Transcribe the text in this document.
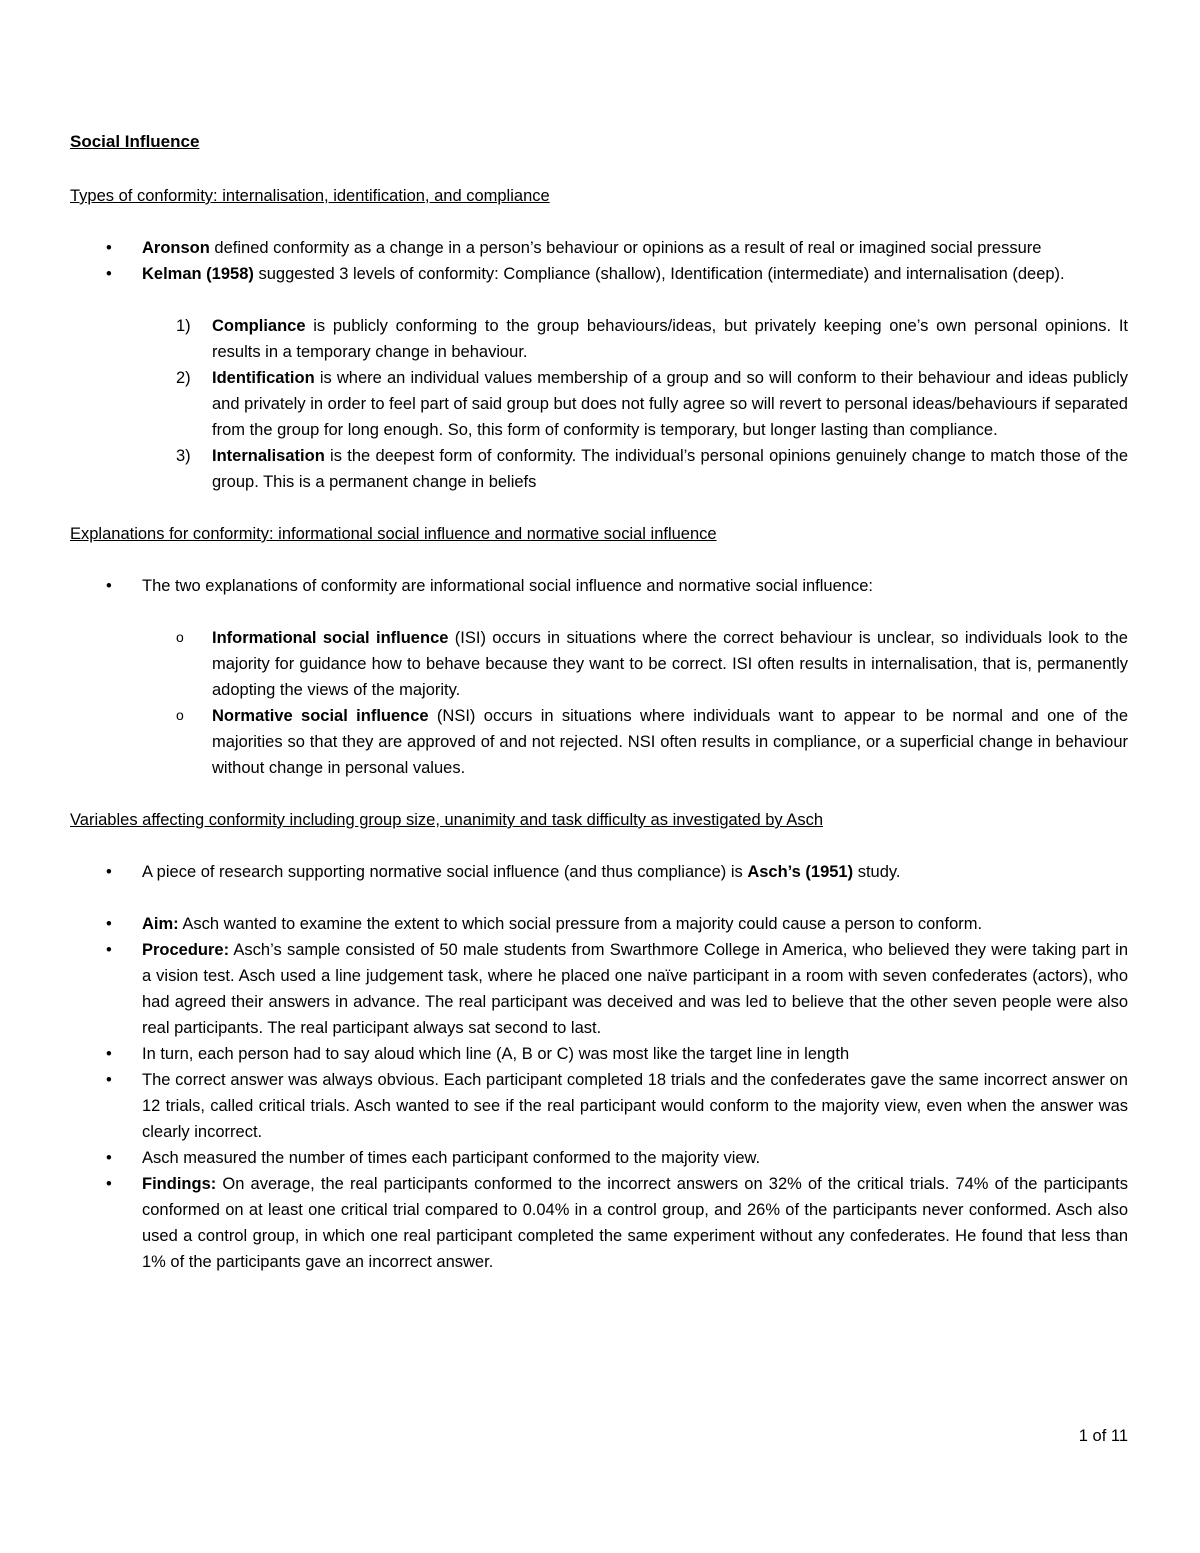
Social Influence
Types of conformity: internalisation, identification, and compliance
• Aronson defined conformity as a change in a person’s behaviour or opinions as a result of real or imagined social pressure
• Kelman (1958) suggested 3 levels of conformity: Compliance (shallow), Identification (intermediate) and internalisation (deep).
1) Compliance is publicly conforming to the group behaviours/ideas, but privately keeping one’s own personal opinions. It results in a temporary change in behaviour.
2) Identification is where an individual values membership of a group and so will conform to their behaviour and ideas publicly and privately in order to feel part of said group but does not fully agree so will revert to personal ideas/behaviours if separated from the group for long enough. So, this form of conformity is temporary, but longer lasting than compliance.
3) Internalisation is the deepest form of conformity. The individual’s personal opinions genuinely change to match those of the group. This is a permanent change in beliefs
Explanations for conformity: informational social influence and normative social influence
• The two explanations of conformity are informational social influence and normative social influence:
o Informational social influence (ISI) occurs in situations where the correct behaviour is unclear, so individuals look to the majority for guidance how to behave because they want to be correct. ISI often results in internalisation, that is, permanently adopting the views of the majority.
o Normative social influence (NSI) occurs in situations where individuals want to appear to be normal and one of the majorities so that they are approved of and not rejected. NSI often results in compliance, or a superficial change in behaviour without change in personal values.
Variables affecting conformity including group size, unanimity and task difficulty as investigated by Asch
• A piece of research supporting normative social influence (and thus compliance) is Asch’s (1951) study.
• Aim: Asch wanted to examine the extent to which social pressure from a majority could cause a person to conform.
• Procedure: Asch’s sample consisted of 50 male students from Swarthmore College in America, who believed they were taking part in a vision test. Asch used a line judgement task, where he placed one naïve participant in a room with seven confederates (actors), who had agreed their answers in advance. The real participant was deceived and was led to believe that the other seven people were also real participants. The real participant always sat second to last.
• In turn, each person had to say aloud which line (A, B or C) was most like the target line in length
• The correct answer was always obvious. Each participant completed 18 trials and the confederates gave the same incorrect answer on 12 trials, called critical trials. Asch wanted to see if the real participant would conform to the majority view, even when the answer was clearly incorrect.
• Asch measured the number of times each participant conformed to the majority view.
• Findings: On average, the real participants conformed to the incorrect answers on 32% of the critical trials. 74% of the participants conformed on at least one critical trial compared to 0.04% in a control group, and 26% of the participants never conformed. Asch also used a control group, in which one real participant completed the same experiment without any confederates. He found that less than 1% of the participants gave an incorrect answer.
1 of 11
